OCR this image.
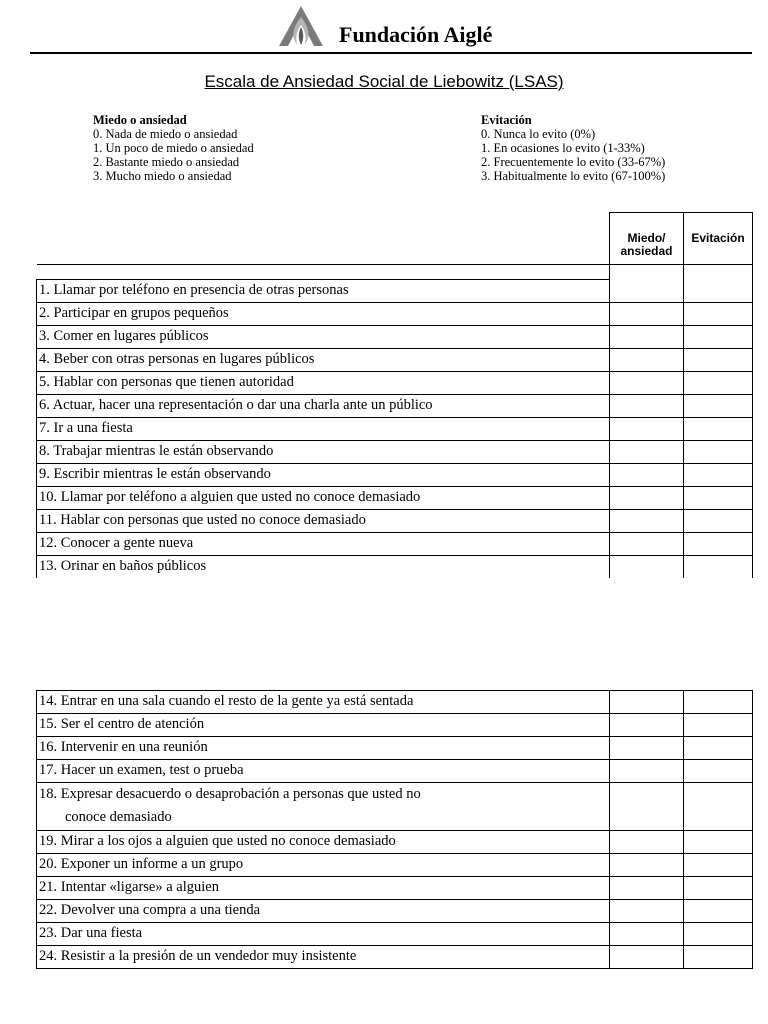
Fundación Aiglé
Escala de Ansiedad Social de Liebowitz (LSAS)
Miedo o ansiedad
0. Nada de miedo o ansiedad
1. Un poco de miedo o ansiedad
2. Bastante miedo o ansiedad
3. Mucho miedo o ansiedad
Evitación
0. Nunca lo evito (0%)
1. En ocasiones lo evito (1-33%)
2. Frecuentemente lo evito (33-67%)
3. Habitualmente lo evito (67-100%)

	Miedo/
ansiedad	Evitación

1. Llamar por teléfono en presencia de otras personas		
2. Participar en grupos pequeños		
3. Comer en lugares públicos		
4. Beber con otras personas en lugares públicos		
5. Hablar con personas que tienen autoridad		
6. Actuar, hacer una representación o dar una charla ante un público		
7. Ir a una fiesta		
8. Trabajar mientras le están observando		
9. Escribir mientras le están observando		
10. Llamar por teléfono a alguien que usted no conoce demasiado		
11. Hablar con personas que usted no conoce demasiado		
12. Conocer a gente nueva		
13. Orinar en baños públicos		
14. Entrar en una sala cuando el resto de la gente ya está sentada		
15. Ser el centro de atención		
16. Intervenir en una reunión		
17. Hacer un examen, test o prueba		
18. Expresar desacuerdo o desaprobación a personas que usted no
conoce demasiado		
19. Mirar a los ojos a alguien que usted no conoce demasiado		
20. Exponer un informe a un grupo		
21. Intentar «ligarse» a alguien		
22. Devolver una compra a una tienda		
23. Dar una fiesta		
24. Resistir a la presión de un vendedor muy insistente		
